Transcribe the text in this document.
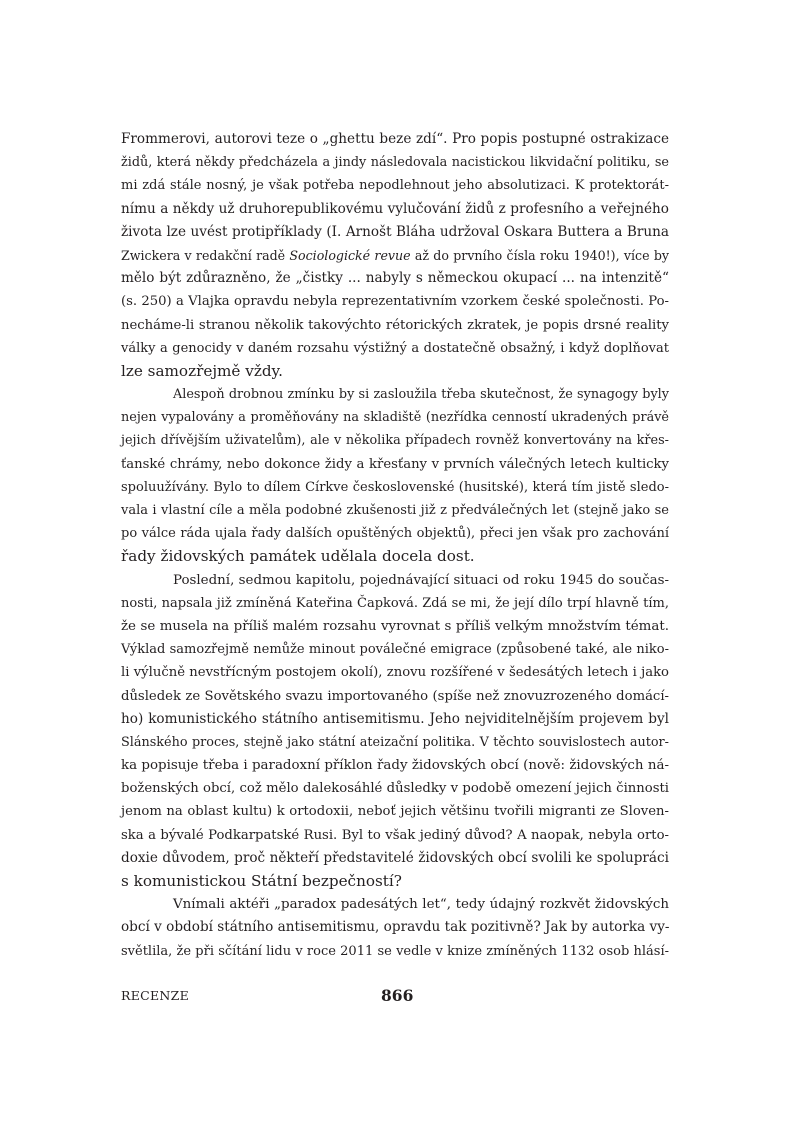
Frommerovi, autorovi teze o „ghettu beze zdí“. Pro popis postupné ostrakizace
židů, která někdy předcházela a jindy následovala nacistickou likvidační politiku, se
mi zdá stále nosný, je však potřeba nepodlehnout jeho absolutizaci. K protektorát-
nímu a někdy už druhorepublikovému vylučování židů z profesního a veřejného
života lze uvést protipříklady (I. Arnošt Bláha udržoval Oskara Buttera a Bruna
Zwickera v redakční radě Sociologické revue až do prvního čísla roku 1940!), více by
mělo být zdůrazněno, že „čistky ... nabyly s německou okupací ... na intenzitě“
(s. 250) a Vlajka opravdu nebyla reprezentativním vzorkem české společnosti. Po-
necháme-li stranou několik takovýchto rétorických zkratek, je popis drsné reality
války a genocidy v daném rozsahu výstižný a dostatečně obsažný, i když doplňovat
lze samozřejmě vždy.
Alespoň drobnou zmínku by si zasloužila třeba skutečnost, že synagogy byly
nejen vypalovány a proměňovány na skladiště (nezřídka cenností ukradených právě
jejich dřívějším uživatelům), ale v několika případech rovněž konvertovány na křes-
ťanské chrámy, nebo dokonce židy a křesťany v prvních válečných letech kulticky
spoluužívány. Bylo to dílem Církve československé (husitské), která tím jistě sledo-
vala i vlastní cíle a měla podobné zkušenosti již z předválečných let (stejně jako se
po válce ráda ujala řady dalších opuštěných objektů), přeci jen však pro zachování
řady židovských památek udělala docela dost.
Poslední, sedmou kapitolu, pojednávající situaci od roku 1945 do součas-
nosti, napsala již zmíněná Kateřina Čapková. Zdá se mi, že její dílo trpí hlavně tím,
že se musela na příliš malém rozsahu vyrovnat s příliš velkým množstvím témat.
Výklad samozřejmě nemůže minout poválečné emigrace (způsobené také, ale niko-
li výlučně nevstřícným postojem okolí), znovu rozšířené v šedesátých letech i jako
důsledek ze Sovětského svazu importovaného (spíše než znovuzrozeného domácí-
ho) komunistického státního antisemitismu. Jeho nejviditelnějším projevem byl
Slánského proces, stejně jako státní ateizační politika. V těchto souvislostech autor-
ka popisuje třeba i paradoxní příklon řady židovských obcí (nově: židovských ná-
boženských obcí, což mělo dalekosáhlé důsledky v podobě omezení jejich činnosti
jenom na oblast kultu) k ortodoxii, neboť jejich většinu tvořili migranti ze Sloven-
ska a bývalé Podkarpatské Rusi. Byl to však jediný důvod? A naopak, nebyla orto-
doxie důvodem, proč někteří představitelé židovských obcí svolili ke spolupráci
s komunistickou Státní bezpečností?
Vnímali aktéři „paradox padesátých let“, tedy údajný rozkvět židovských
obcí v období státního antisemitismu, opravdu tak pozitivně? Jak by autorka vy-
světlila, že při sčítání lidu v roce 2011 se vedle v knize zmíněných 1132 osob hlásí-
RECENZE	866
